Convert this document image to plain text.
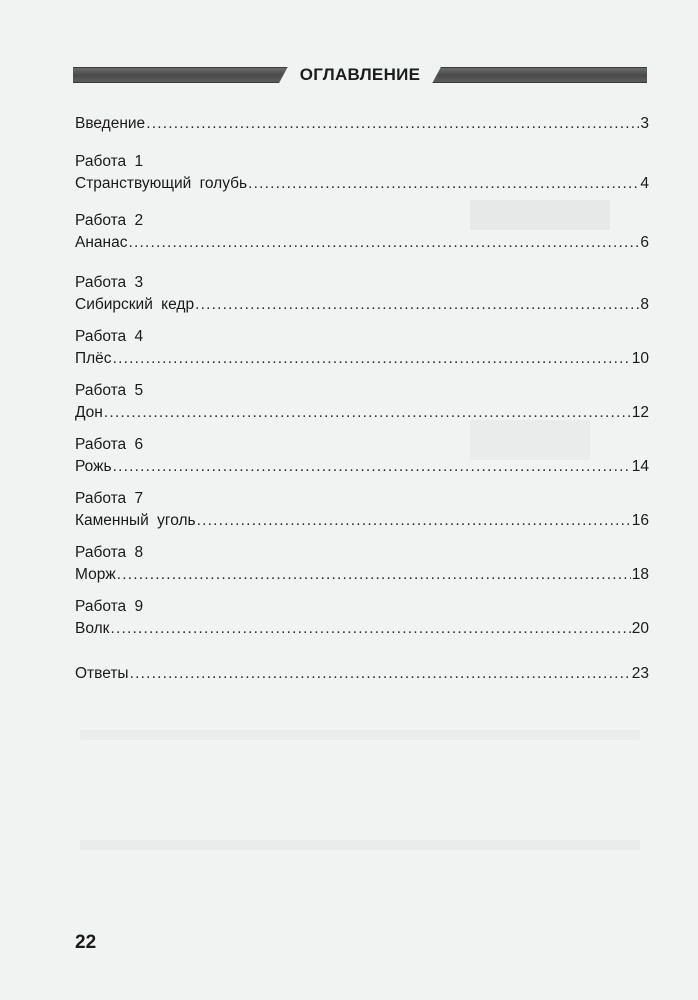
ОГЛАВЛЕНИЕ
Введение .....	3
Работа 1
Странствующий голубь .....	4
Работа 2
Ананас .....	6
Работа 3
Сибирский кедр .....	8
Работа 4
Плёс .....	10
Работа 5
Дон .....	12
Работа 6
Рожь .....	14
Работа 7
Каменный уголь .....	16
Работа 8
Морж .....	18
Работа 9
Волк .....	20
Ответы .....	23
22
